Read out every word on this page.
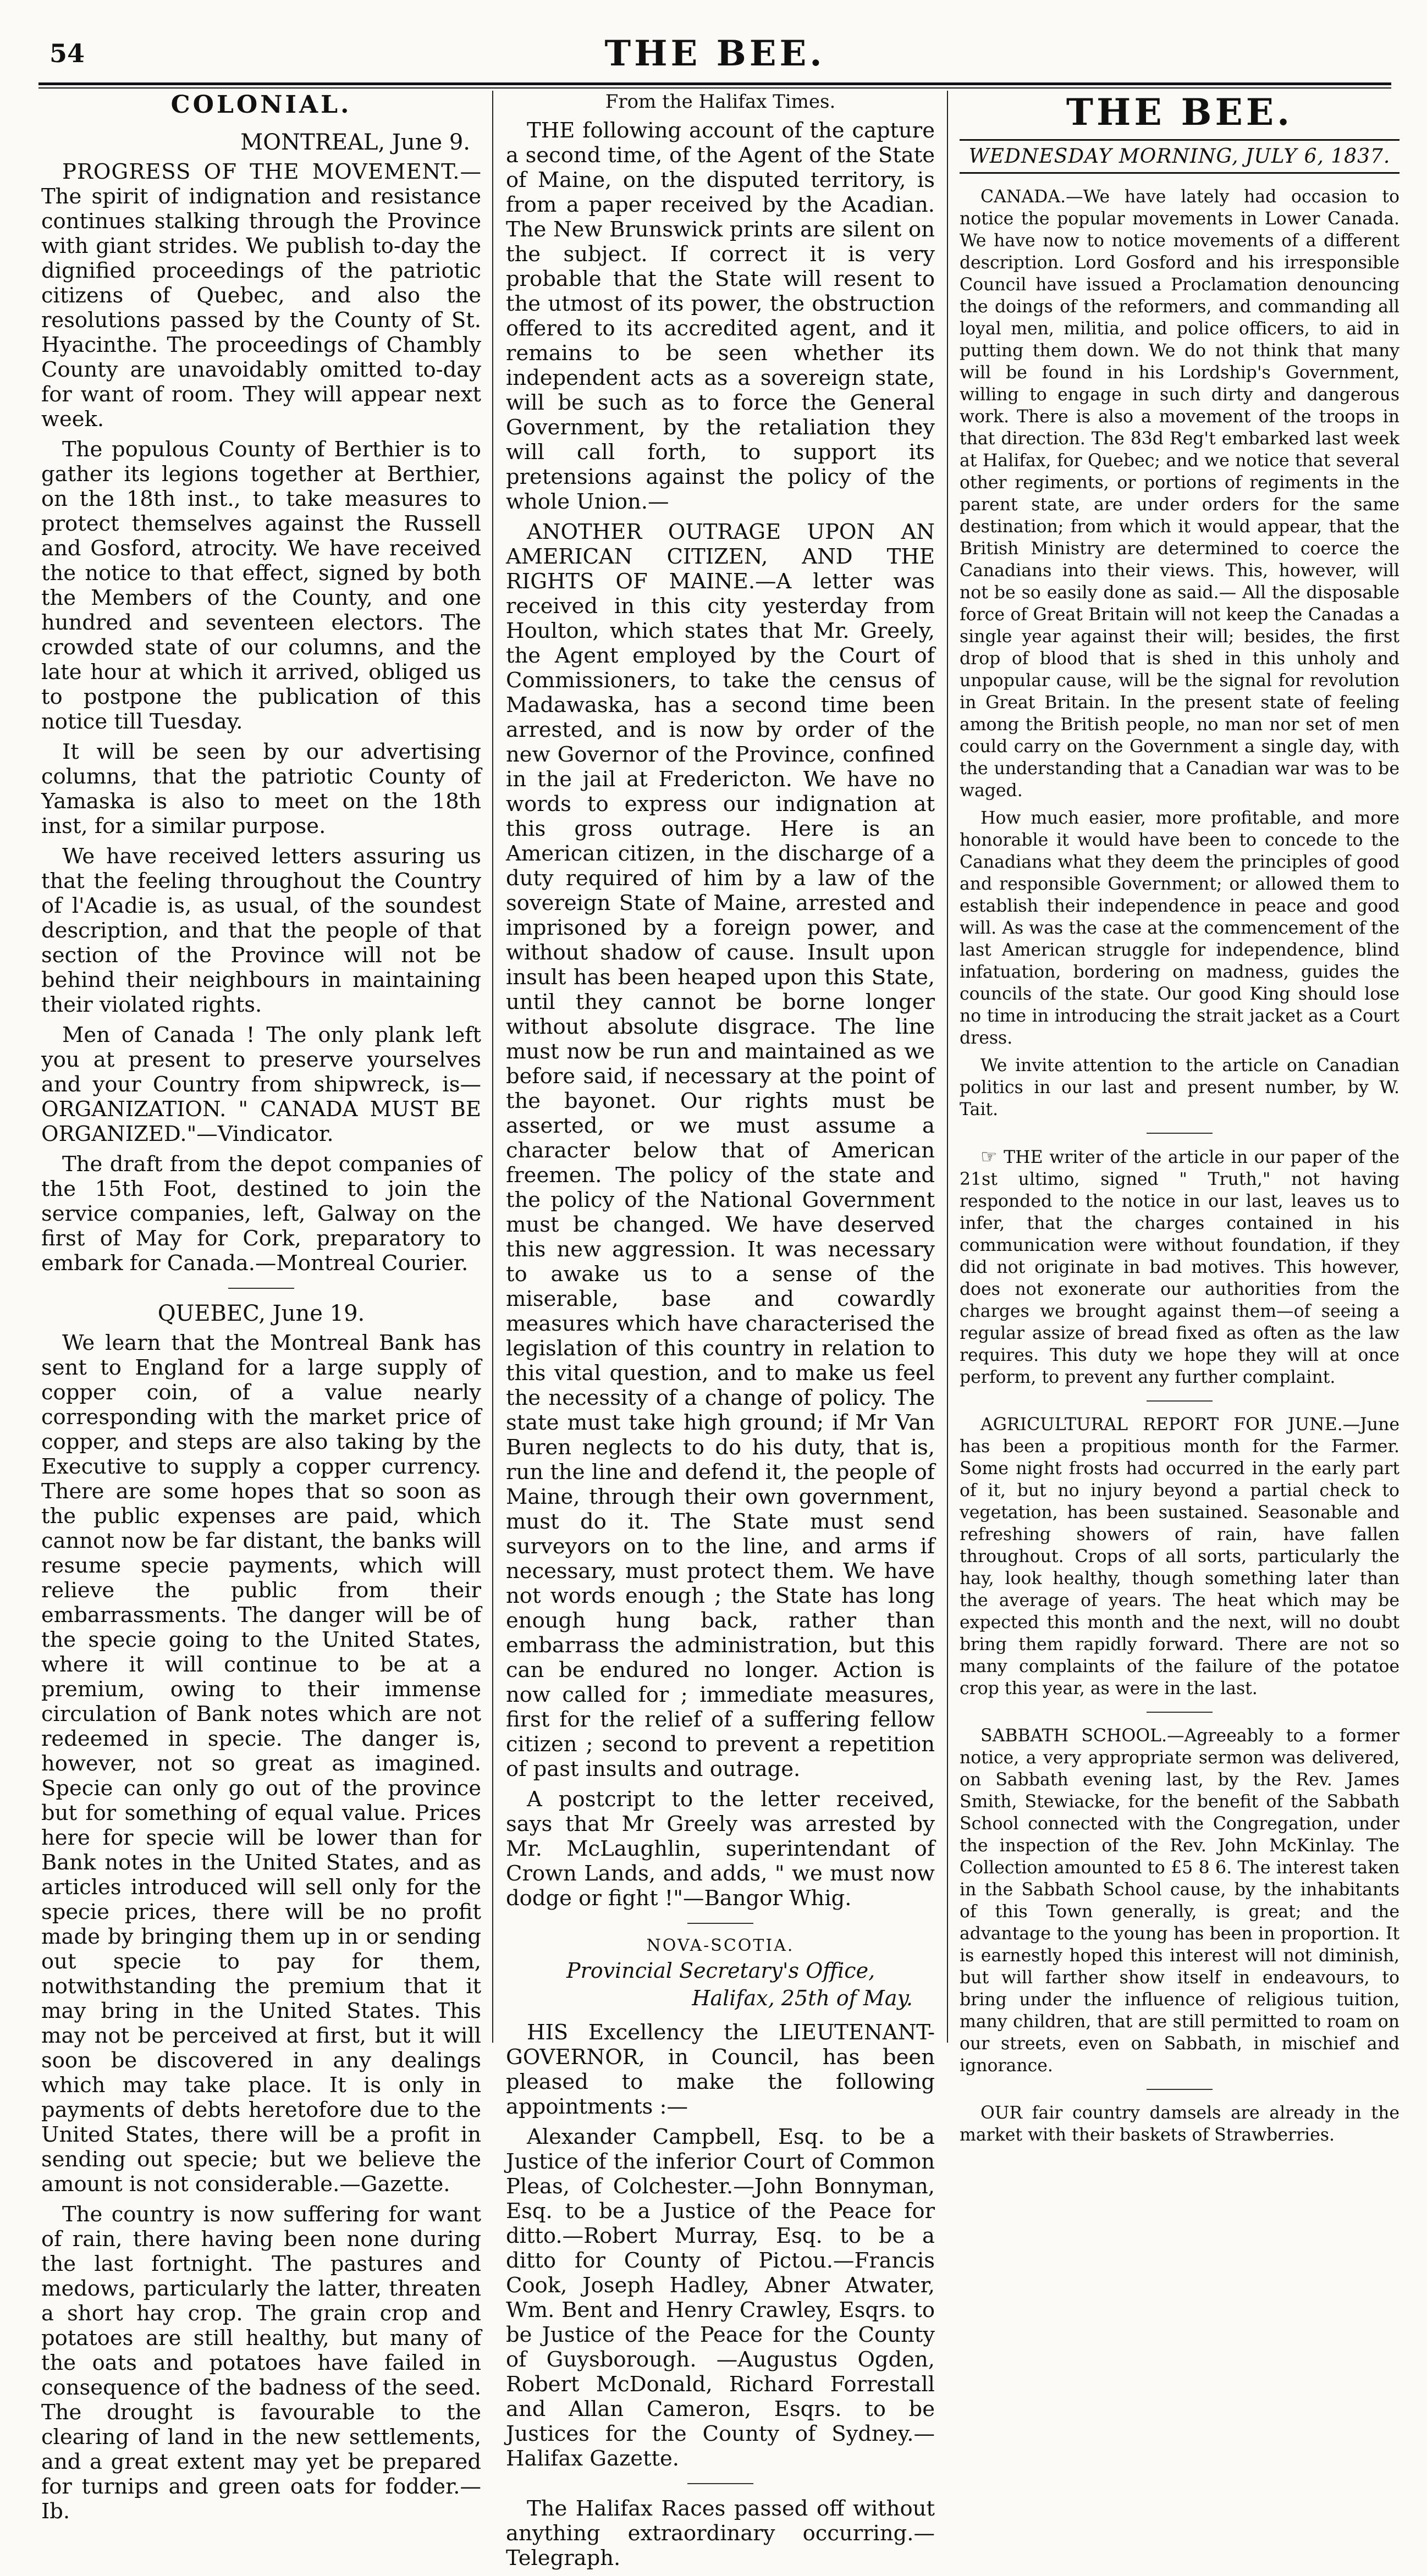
54	THE BEE.
COLONIAL.
MONTREAL, June 9.

PROGRESS OF THE MOVEMENT.—The spirit of indignation and resistance continues stalking through the Province with giant strides. We publish to-day the dignified proceedings of the patriotic citizens of Quebec, and also the resolutions passed by the County of St. Hyacinthe. The proceedings of Chambly County are unavoidably omitted to-day for want of room. They will appear next week.

The populous County of Berthier is to gather its legions together at Berthier, on the 18th inst., to take measures to protect themselves against the Russell and Gosford, atrocity. We have received the notice to that effect, signed by both the Members of the County, and one hundred and seventeen electors. The crowded state of our columns, and the late hour at which it arrived, obliged us to postpone the publication of this notice till Tuesday.

It will be seen by our advertising columns, that the patriotic County of Yamaska is also to meet on the 18th inst, for a similar purpose.

We have received letters assuring us that the feeling throughout the Country of l'Acadie is, as usual, of the soundest description, and that the people of that section of the Province will not be behind their neighbours in maintaining their violated rights.

Men of Canada ! The only plank left you at present to preserve yourselves and your Country from shipwreck, is— ORGANIZATION. " CANADA MUST BE ORGANIZED."—Vindicator.

The draft from the depot companies of the 15th Foot, destined to join the service companies, left, Galway on the first of May for Cork, preparatory to embark for Canada.—Montreal Courier.

QUEBEC, June 19.

We learn that the Montreal Bank has sent to England for a large supply of copper coin, of a value nearly corresponding with the market price of copper, and steps are also taking by the Executive to supply a copper currency. There are some hopes that so soon as the public expenses are paid, which cannot now be far distant, the banks will resume specie payments, which will relieve the public from their embarrassments. The danger will be of the specie going to the United States, where it will continue to be at a premium, owing to their immense circulation of Bank notes which are not redeemed in specie. The danger is, however, not so great as imagined. Specie can only go out of the province but for something of equal value. Prices here for specie will be lower than for Bank notes in the United States, and as articles introduced will sell only for the specie prices, there will be no profit made by bringing them up in or sending out specie to pay for them, notwithstanding the premium that it may bring in the United States. This may not be perceived at first, but it will soon be discovered in any dealings which may take place. It is only in payments of debts heretofore due to the United States, there will be a profit in sending out specie; but we believe the amount is not considerable.—Gazette.

The country is now suffering for want of rain, there having been none during the last fortnight. The pastures and medows, particularly the latter, threaten a short hay crop. The grain crop and potatoes are still healthy, but many of the oats and potatoes have failed in consequence of the badness of the seed. The drought is favourable to the clearing of land in the new settlements, and a great extent may yet be prepared for turnips and green oats for fodder.—Ib.

From the Halifax Times.

THE following account of the capture a second time, of the Agent of the State of Maine, on the disputed territory, is from a paper received by the Acadian. The New Brunswick prints are silent on the subject. If correct it is very probable that the State will resent to the utmost of its power, the obstruction offered to its accredited agent, and it remains to be seen whether its independent acts as a sovereign state, will be such as to force the General Government, by the retaliation they will call forth, to support its pretensions against the policy of the whole Union.—

ANOTHER OUTRAGE UPON AN AMERICAN CITIZEN, AND THE RIGHTS OF MAINE.—A letter was received in this city yesterday from Houlton, which states that Mr. Greely, the Agent employed by the Court of Commissioners, to take the census of Madawaska, has a second time been arrested, and is now by order of the new Governor of the Province, confined in the jail at Fredericton. We have no words to express our indignation at this gross outrage. Here is an American citizen, in the discharge of a duty required of him by a law of the sovereign State of Maine, arrested and imprisoned by a foreign power, and without shadow of cause. Insult upon insult has been heaped upon this State, until they cannot be borne longer without absolute disgrace. The line must now be run and maintained as we before said, if necessary at the point of the bayonet. Our rights must be asserted, or we must assume a character below that of American freemen. The policy of the state and the policy of the National Government must be changed. We have deserved this new aggression. It was necessary to awake us to a sense of the miserable, base and cowardly measures which have characterised the legislation of this country in relation to this vital question, and to make us feel the necessity of a change of policy. The state must take high ground; if Mr Van Buren neglects to do his duty, that is, run the line and defend it, the people of Maine, through their own government, must do it. The State must send surveyors on to the line, and arms if necessary, must protect them. We have not words enough ; the State has long enough hung back, rather than embarrass the administration, but this can be endured no longer. Action is now called for ; immediate measures, first for the relief of a suffering fellow citizen ; second to prevent a repetition of past insults and outrage.

A postcript to the letter received, says that Mr Greely was arrested by Mr. McLaughlin, superintendant of Crown Lands, and adds, " we must now dodge or fight !"—Bangor Whig.

NOVA-SCOTIA.
Provincial Secretary's Office,
Halifax, 25th of May.

HIS Excellency the LIEUTENANT-GOVERNOR, in Council, has been pleased to make the following appointments :—

Alexander Campbell, Esq. to be a Justice of the inferior Court of Common Pleas, of Colchester.—John Bonnyman, Esq. to be a Justice of the Peace for ditto.—Robert Murray, Esq. to be a ditto for County of Pictou.—Francis Cook, Joseph Hadley, Abner Atwater, Wm. Bent and Henry Crawley, Esqrs. to be Justice of the Peace for the County of Guysborough. —Augustus Ogden, Robert McDonald, Richard Forrestall and Allan Cameron, Esqrs. to be Justices for the County of Sydney.—Halifax Gazette.

The Halifax Races passed off without anything extraordinary occurring.—Telegraph.

THE BEE.
WEDNESDAY MORNING, JULY 6, 1837.

CANADA.—We have lately had occasion to notice the popular movements in Lower Canada. We have now to notice movements of a different description. Lord Gosford and his irresponsible Council have issued a Proclamation denouncing the doings of the reformers, and commanding all loyal men, militia, and police officers, to aid in putting them down. We do not think that many will be found in his Lordship's Government, willing to engage in such dirty and dangerous work. There is also a movement of the troops in that direction. The 83d Reg't embarked last week at Halifax, for Quebec; and we notice that several other regiments, or portions of regiments in the parent state, are under orders for the same destination; from which it would appear, that the British Ministry are determined to coerce the Canadians into their views. This, however, will not be so easily done as said.— All the disposable force of Great Britain will not keep the Canadas a single year against their will; besides, the first drop of blood that is shed in this unholy and unpopular cause, will be the signal for revolution in Great Britain. In the present state of feeling among the British people, no man nor set of men could carry on the Government a single day, with the understanding that a Canadian war was to be waged.

How much easier, more profitable, and more honorable it would have been to concede to the Canadians what they deem the principles of good and responsible Government; or allowed them to establish their independence in peace and good will. As was the case at the commencement of the last American struggle for independence, blind infatuation, bordering on madness, guides the councils of the state. Our good King should lose no time in introducing the strait jacket as a Court dress.

We invite attention to the article on Canadian politics in our last and present number, by W. Tait.

☞ THE writer of the article in our paper of the 21st ultimo, signed " Truth," not having responded to the notice in our last, leaves us to infer, that the charges contained in his communication were without foundation, if they did not originate in bad motives. This however, does not exonerate our authorities from the charges we brought against them—of seeing a regular assize of bread fixed as often as the law requires. This duty we hope they will at once perform, to prevent any further complaint.

AGRICULTURAL REPORT FOR JUNE.—June has been a propitious month for the Farmer. Some night frosts had occurred in the early part of it, but no injury beyond a partial check to vegetation, has been sustained. Seasonable and refreshing showers of rain, have fallen throughout. Crops of all sorts, particularly the hay, look healthy, though something later than the average of years. The heat which may be expected this month and the next, will no doubt bring them rapidly forward. There are not so many complaints of the failure of the potatoe crop this year, as were in the last.

SABBATH SCHOOL.—Agreeably to a former notice, a very appropriate sermon was delivered, on Sabbath evening last, by the Rev. James Smith, Stewiacke, for the benefit of the Sabbath School connected with the Congregation, under the inspection of the Rev. John McKinlay. The Collection amounted to £5 8 6. The interest taken in the Sabbath School cause, by the inhabitants of this Town generally, is great; and the advantage to the young has been in proportion. It is earnestly hoped this interest will not diminish, but will farther show itself in endeavours, to bring under the influence of religious tuition, many children, that are still permitted to roam on our streets, even on Sabbath, in mischief and ignorance.

OUR fair country damsels are already in the market with their baskets of Strawberries.
